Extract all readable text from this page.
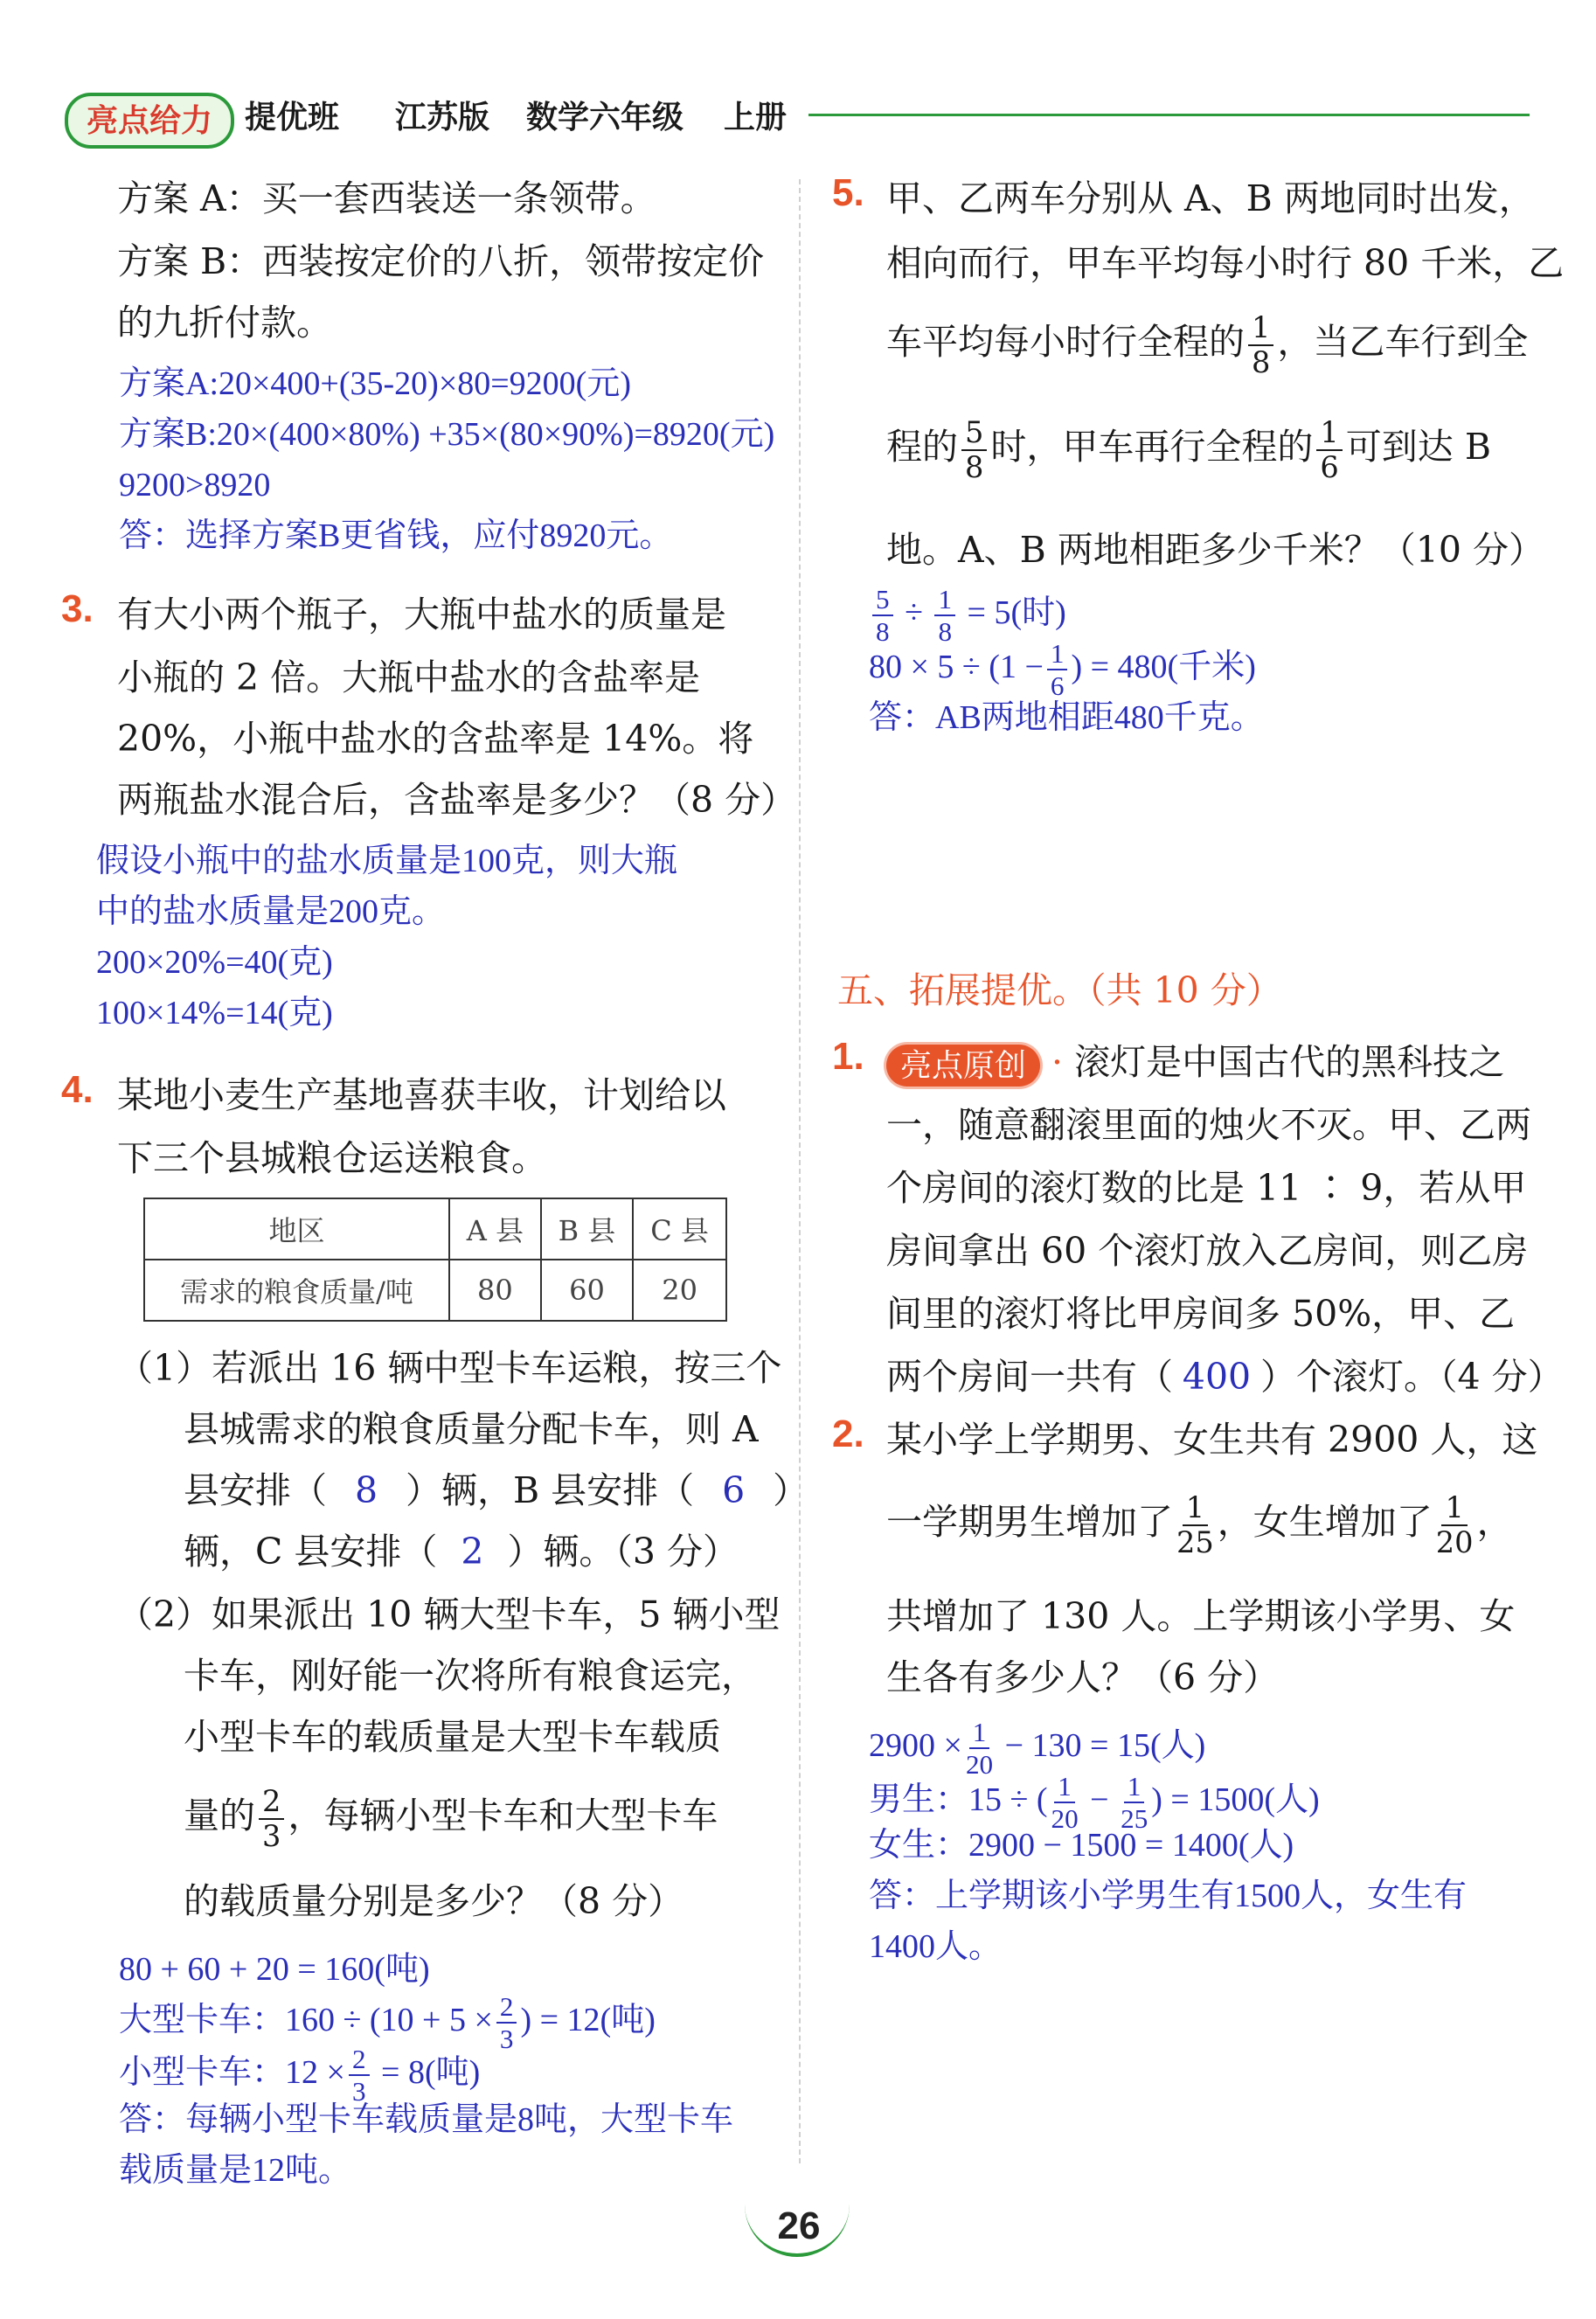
亮点给力	提优班 江苏版 数学六年级 上册
方案 A：买一套西装送一条领带。
方案 B：西装按定价的八折，领带按定价
的九折付款。
方案A:20×400+(35-20)×80=9200(元)
方案B:20×(400×80%) +35×(80×90%)=8920(元)
9200>8920
答：选择方案B更省钱，应付8920元。
3. 有大小两个瓶子，大瓶中盐水的质量是
小瓶的 2 倍。大瓶中盐水的含盐率是
20%，小瓶中盐水的含盐率是 14%。将
两瓶盐水混合后，含盐率是多少？（8 分）
假设小瓶中的盐水质量是100克，则大瓶
中的盐水质量是200克。
200×20%=40(克)
100×14%=14(克)
4. 某地小麦生产基地喜获丰收，计划给以
下三个县城粮仓运送粮食。
地区	A 县	B 县	C 县
需求的粮食质量/吨	80	60	20
（1）若派出 16 辆中型卡车运粮，按三个
县城需求的粮食质量分配卡车，则 A
县安排（ 8 ）辆，B 县安排（ 6 ）
辆，C 县安排（ 2 ）辆。（3 分）
（2）如果派出 10 辆大型卡车，5 辆小型
卡车，刚好能一次将所有粮食运完，
小型卡车的载质量是大型卡车载质
量的 $\frac{2}{3}$ ，每辆小型卡车和大型卡车
的载质量分别是多少？（8 分）
80 + 60 + 20 = 160(吨)
大型卡车：$160 \div (10 + 5 \times \frac{2}{3}$ ) = 12(吨)
小型卡车：$12 \times \frac{2}{3} = 8$(吨)
答：每辆小型卡车载质量是8吨，大型卡车
载质量是12吨。
5. 甲、乙两车分别从 A、B 两地同时出发，
相向而行，甲车平均每小时行 80 千米，乙
车平均每小时行全程的 $\frac{1}{8}$ ，当乙车行到全
程的 $\frac{5}{8}$ 时，甲车再行全程的 $\frac{1}{6}$ 可到达 B
地。A、B 两地相距多少千米？（10 分）
$\frac{5}{8} \div \frac{1}{8} = 5$(时)
$80 \times 5 \div (1 - \frac{1}{6}$ ) = 480(千米)
答：AB两地相距480千克。
五、拓展提优。（共 10 分）
1.	亮点原创 · 滚灯是中国古代的黑科技之
一，随意翻滚里面的烛火不灭。甲、乙两
个房间的滚灯数的比是 11 ∶ 9，若从甲
房间拿出 60 个滚灯放入乙房间，则乙房
间里的滚灯将比甲房间多 50%，甲、乙
两个房间一共有（ 400 ）个滚灯。（4 分）
2. 某小学上学期男、女生共有 2900 人，这
一学期男生增加了 $\frac{1}{25}$ ，女生增加了 $\frac{1}{20}$ ，
共增加了 130 人。上学期该小学男、女
生各有多少人？（6 分）
$2900 \times \frac{1}{20} - 130 = 15$(人)
男生：15 ÷ ( $\frac{1}{20} - \frac{1}{25}$ ) = 1500(人)
女生：2900 − 1500 = 1400(人)
答：上学期该小学男生有1500人，女生有
1400人。
26
